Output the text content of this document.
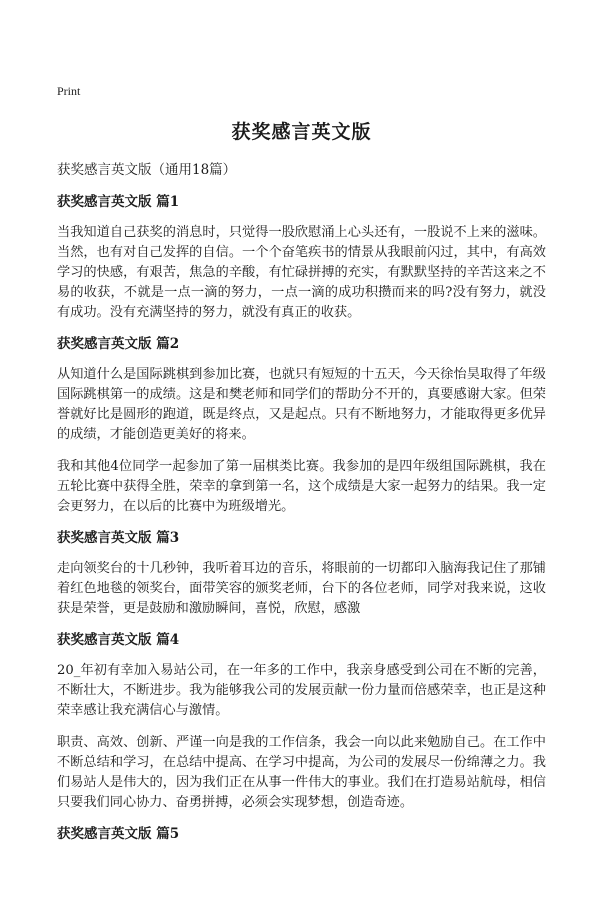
Print
获奖感言英文版
获奖感言英文版（通用18篇）
获奖感言英文版 篇1

当我知道自己获奖的消息时，只觉得一股欣慰涌上心头还有，一股说不上来的滋味。当然，也有对自己发挥的自信。一个个奋笔疾书的情景从我眼前闪过，其中，有高效学习的快感，有艰苦，焦急的辛酸，有忙碌拼搏的充实，有默默坚持的辛苦这来之不易的收获，不就是一点一滴的努力，一点一滴的成功积攒而来的吗?没有努力，就没有成功。没有充满坚持的努力，就没有真正的收获。

获奖感言英文版 篇2

从知道什么是国际跳棋到参加比赛，也就只有短短的十五天，今天徐怡昊取得了年级国际跳棋第一的成绩。这是和樊老师和同学们的帮助分不开的，真要感谢大家。但荣誉就好比是圆形的跑道，既是终点，又是起点。只有不断地努力，才能取得更多优异的成绩，才能创造更美好的将来。

我和其他4位同学一起参加了第一届棋类比赛。我参加的是四年级组国际跳棋，我在五轮比赛中获得全胜，荣幸的拿到第一名，这个成绩是大家一起努力的结果。我一定会更努力，在以后的比赛中为班级增光。

获奖感言英文版 篇3

走向领奖台的十几秒钟，我听着耳边的音乐，将眼前的一切都印入脑海我记住了那铺着红色地毯的领奖台，面带笑容的颁奖老师，台下的各位老师，同学对我来说，这收获是荣誉，更是鼓励和激励瞬间，喜悦，欣慰，感激

获奖感言英文版 篇4

20_年初有幸加入易站公司，在一年多的工作中，我亲身感受到公司在不断的完善，不断壮大，不断进步。我为能够我公司的发展贡献一份力量而倍感荣幸，也正是这种荣幸感让我充满信心与激情。

职责、高效、创新、严谨一向是我的工作信条，我会一向以此来勉励自己。在工作中不断总结和学习，在总结中提高、在学习中提高，为公司的发展尽一份绵薄之力。我们易站人是伟大的，因为我们正在从事一件伟大的事业。我们在打造易站航母，相信只要我们同心协力、奋勇拼搏，必须会实现梦想，创造奇迹。

获奖感言英文版 篇5
